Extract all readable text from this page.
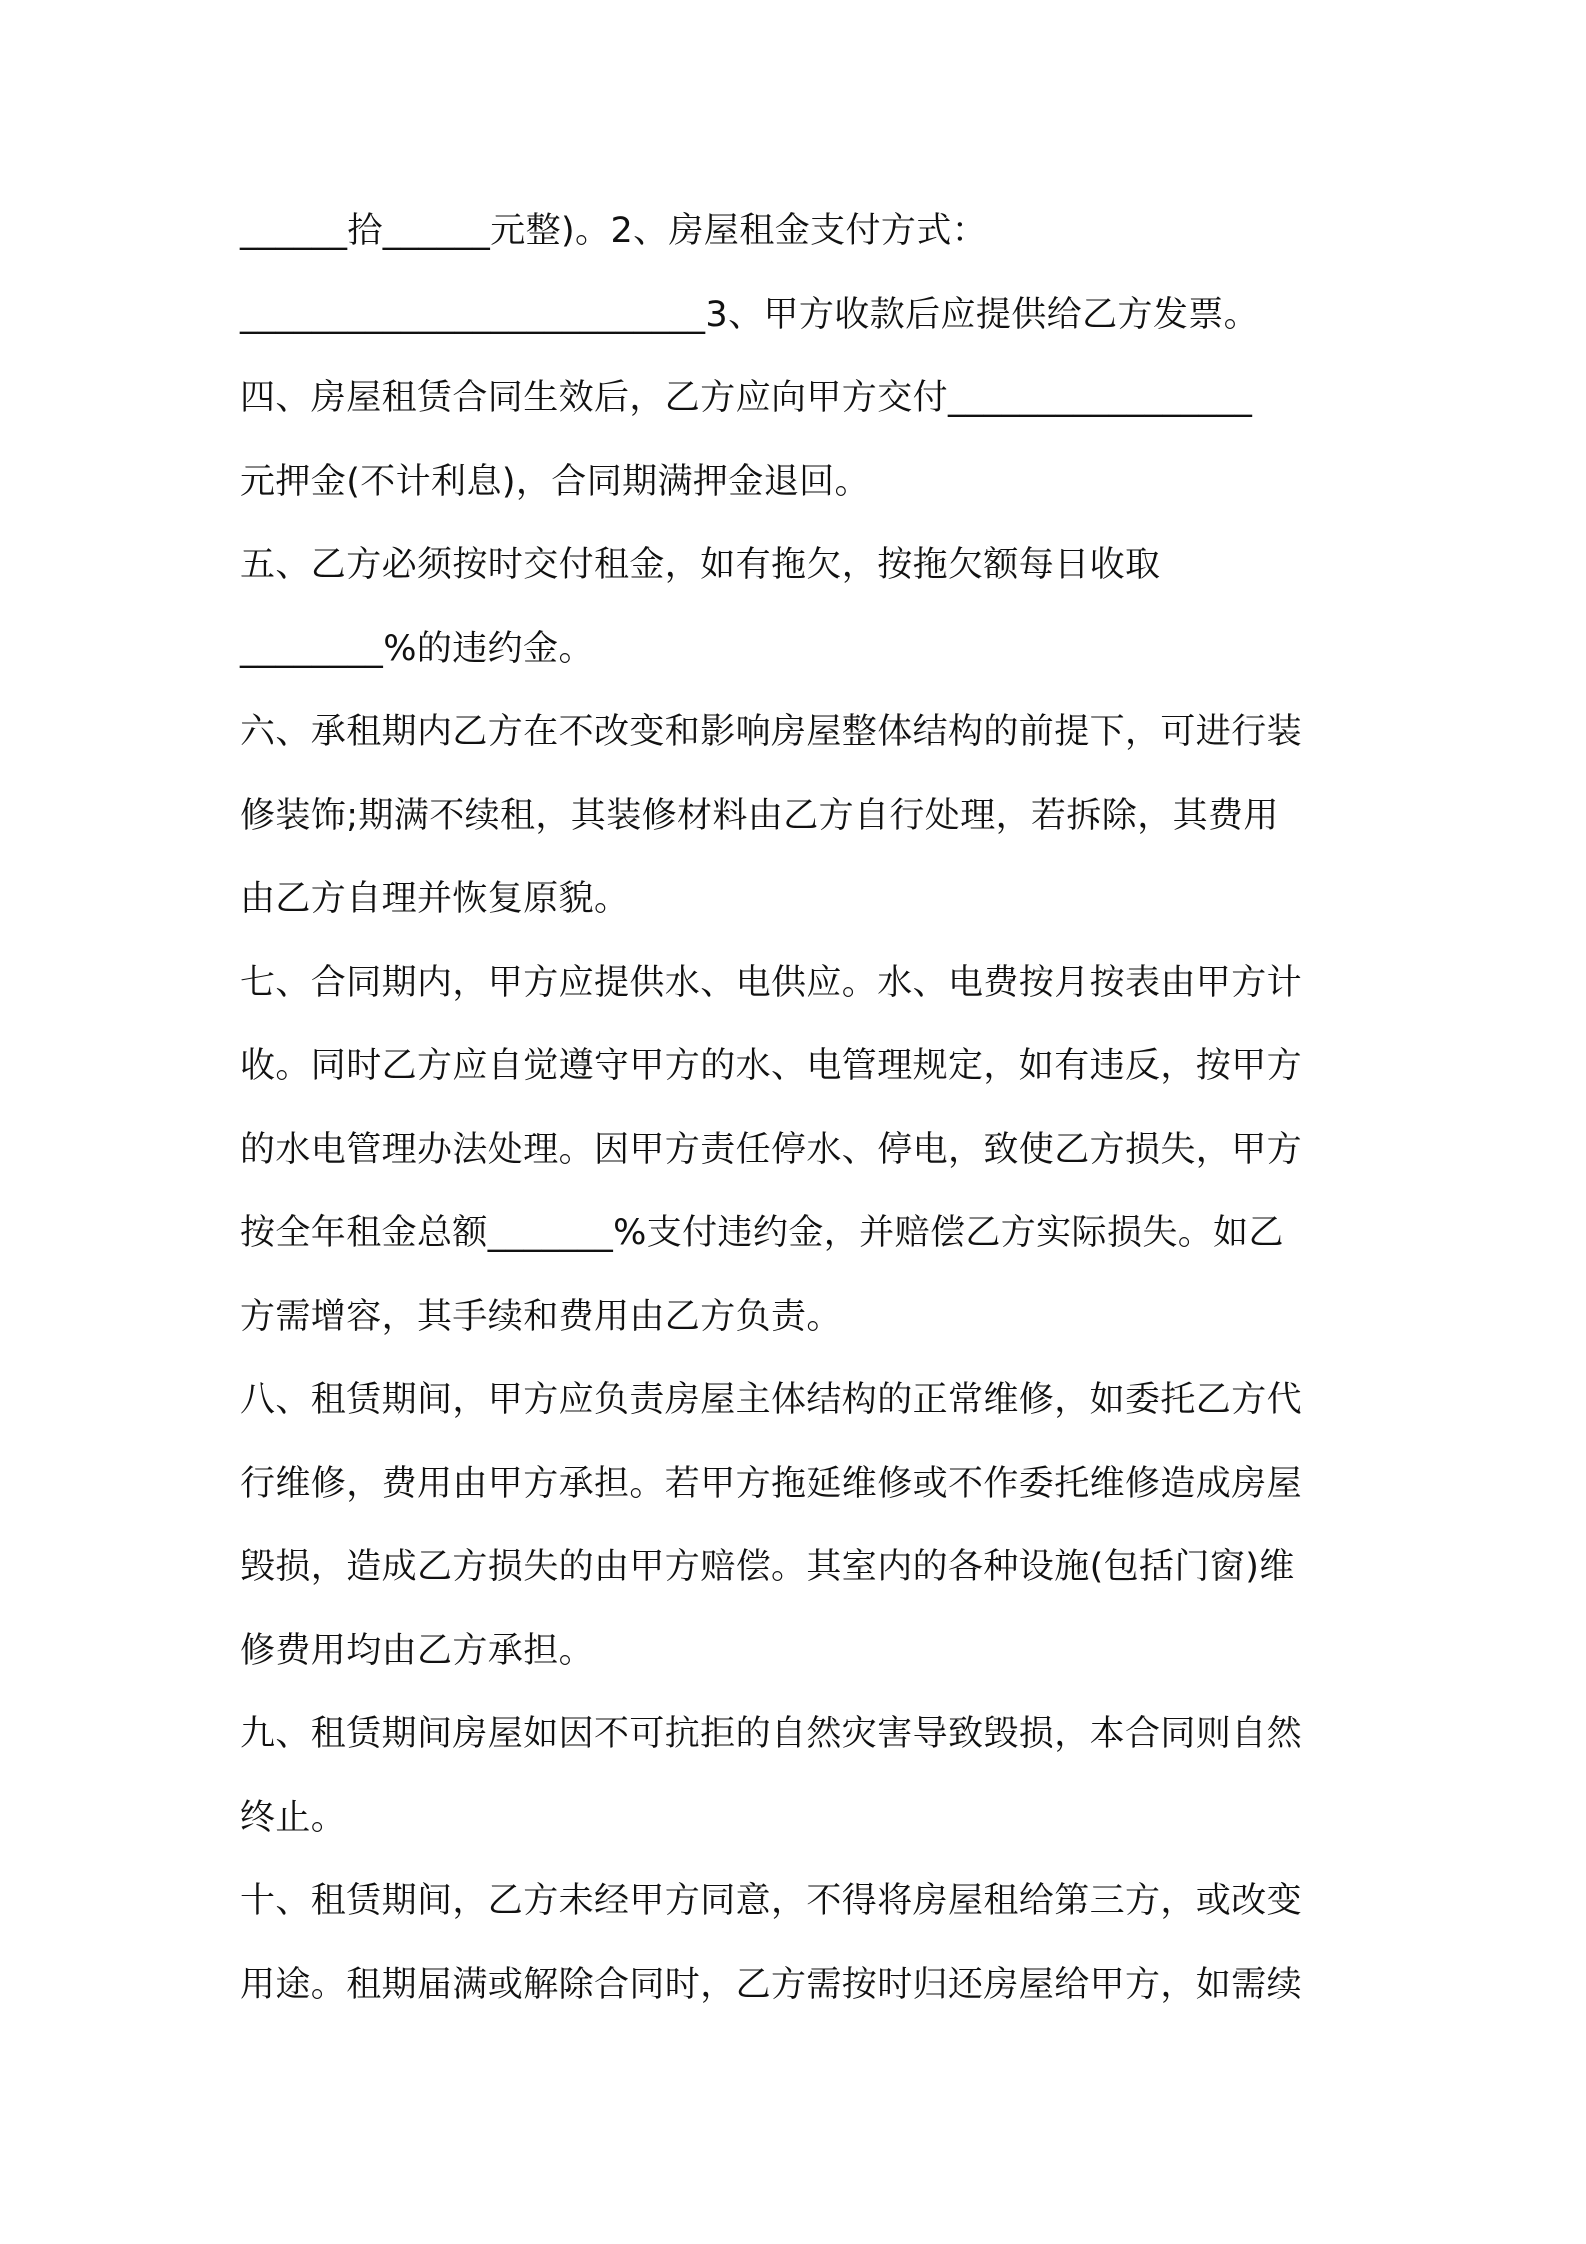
______拾______元整)。2、房屋租金支付方式：
__________________________3、甲方收款后应提供给乙方发票。
四、房屋租赁合同生效后，乙方应向甲方交付_________________
元押金(不计利息)，合同期满押金退回。
五、乙方必须按时交付租金，如有拖欠，按拖欠额每日收取
________%的违约金。
六、承租期内乙方在不改变和影响房屋整体结构的前提下，可进行装
修装饰;期满不续租，其装修材料由乙方自行处理，若拆除，其费用
由乙方自理并恢复原貌。
七、合同期内，甲方应提供水、电供应。水、电费按月按表由甲方计
收。同时乙方应自觉遵守甲方的水、电管理规定，如有违反，按甲方
的水电管理办法处理。因甲方责任停水、停电，致使乙方损失，甲方
按全年租金总额_______%支付违约金，并赔偿乙方实际损失。如乙
方需增容，其手续和费用由乙方负责。
八、租赁期间，甲方应负责房屋主体结构的正常维修，如委托乙方代
行维修，费用由甲方承担。若甲方拖延维修或不作委托维修造成房屋
毁损，造成乙方损失的由甲方赔偿。其室内的各种设施(包括门窗)维
修费用均由乙方承担。
九、租赁期间房屋如因不可抗拒的自然灾害导致毁损，本合同则自然
终止。
十、租赁期间，乙方未经甲方同意，不得将房屋租给第三方，或改变
用途。租期届满或解除合同时，乙方需按时归还房屋给甲方，如需续
